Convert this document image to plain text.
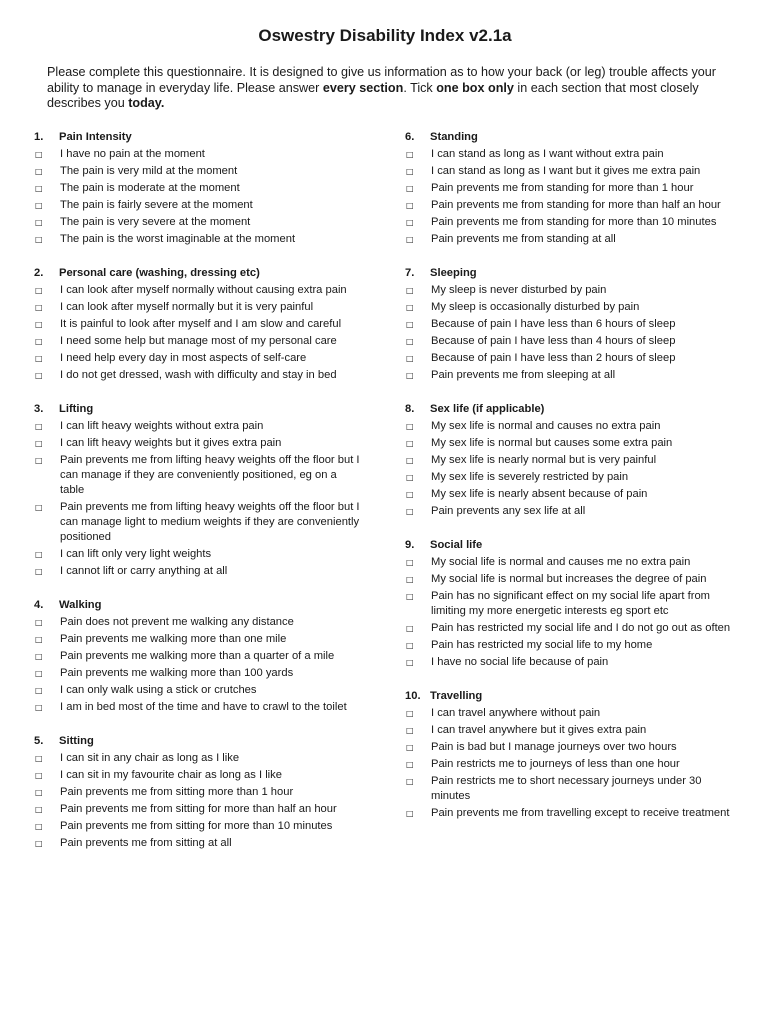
Oswestry Disability Index v2.1a
Please complete this questionnaire. It is designed to give us information as to how your back (or leg) trouble affects your ability to manage in everyday life. Please answer every section. Tick one box only in each section that most closely describes you today.
1.	Pain Intensity
□	I have no pain at the moment
□	The pain is very mild at the moment
□	The pain is moderate at the moment
□	The pain is fairly severe at the moment
□	The pain is very severe at the moment
□	The pain is the worst imaginable at the moment
2.	Personal care (washing, dressing etc)
□	I can look after myself normally without causing extra pain
□	I can look after myself normally but it is very painful
□	It is painful to look after myself and I am slow and careful
□	I need some help but manage most of my personal care
□	I need help every day in most aspects of self-care
□	I do not get dressed, wash with difficulty and stay in bed
3.	Lifting
□	I can lift heavy weights without extra pain
□	I can lift heavy weights but it gives extra pain
□	Pain prevents me from lifting heavy weights off the floor but I can manage if they are conveniently positioned, eg on a table
□	Pain prevents me from lifting heavy weights off the floor but I can manage light to medium weights if they are conveniently positioned
□	I can lift only very light weights
□	I cannot lift or carry anything at all
4.	Walking
□	Pain does not prevent me walking any distance
□	Pain prevents me walking more than one mile
□	Pain prevents me walking more than a quarter of a mile
□	Pain prevents me walking more than 100 yards
□	I can only walk using a stick or crutches
□	I am in bed most of the time and have to crawl to the toilet
5.	Sitting
□	I can sit in any chair as long as I like
□	I can sit in my favourite chair as long as I like
□	Pain prevents me from sitting more than 1 hour
□	Pain prevents me from sitting for more than half an hour
□	Pain prevents me from sitting for more than 10 minutes
□	Pain prevents me from sitting at all
6.	Standing
□	I can stand as long as I want without extra pain
□	I can stand as long as I want but it gives me extra pain
□	Pain prevents me from standing for more than 1 hour
□	Pain prevents me from standing for more than half an hour
□	Pain prevents me from standing for more than 10 minutes
□	Pain prevents me from standing at all
7.	Sleeping
□	My sleep is never disturbed by pain
□	My sleep is occasionally disturbed by pain
□	Because of pain I have less than 6 hours of sleep
□	Because of pain I have less than 4 hours of sleep
□	Because of pain I have less than 2 hours of sleep
□	Pain prevents me from sleeping at all
8.	Sex life (if applicable)
□	My sex life is normal and causes no extra pain
□	My sex life is normal but causes some extra pain
□	My sex life is nearly normal but is very painful
□	My sex life is severely restricted by pain
□	My sex life is nearly absent because of pain
□	Pain prevents any sex life at all
9.	Social life
□	My social life is normal and causes me no extra pain
□	My social life is normal but increases the degree of pain
□	Pain has no significant effect on my social life apart from limiting my more energetic interests eg sport etc
□	Pain has restricted my social life and I do not go out as often
□	Pain has restricted my social life to my home
□	I have no social life because of pain
10. Travelling
□	I can travel anywhere without pain
□	I can travel anywhere but it gives extra pain
□	Pain is bad but I manage journeys over two hours
□	Pain restricts me to journeys of less than one hour
□	Pain restricts me to short necessary journeys under 30 minutes
□	Pain prevents me from travelling except to receive treatment
